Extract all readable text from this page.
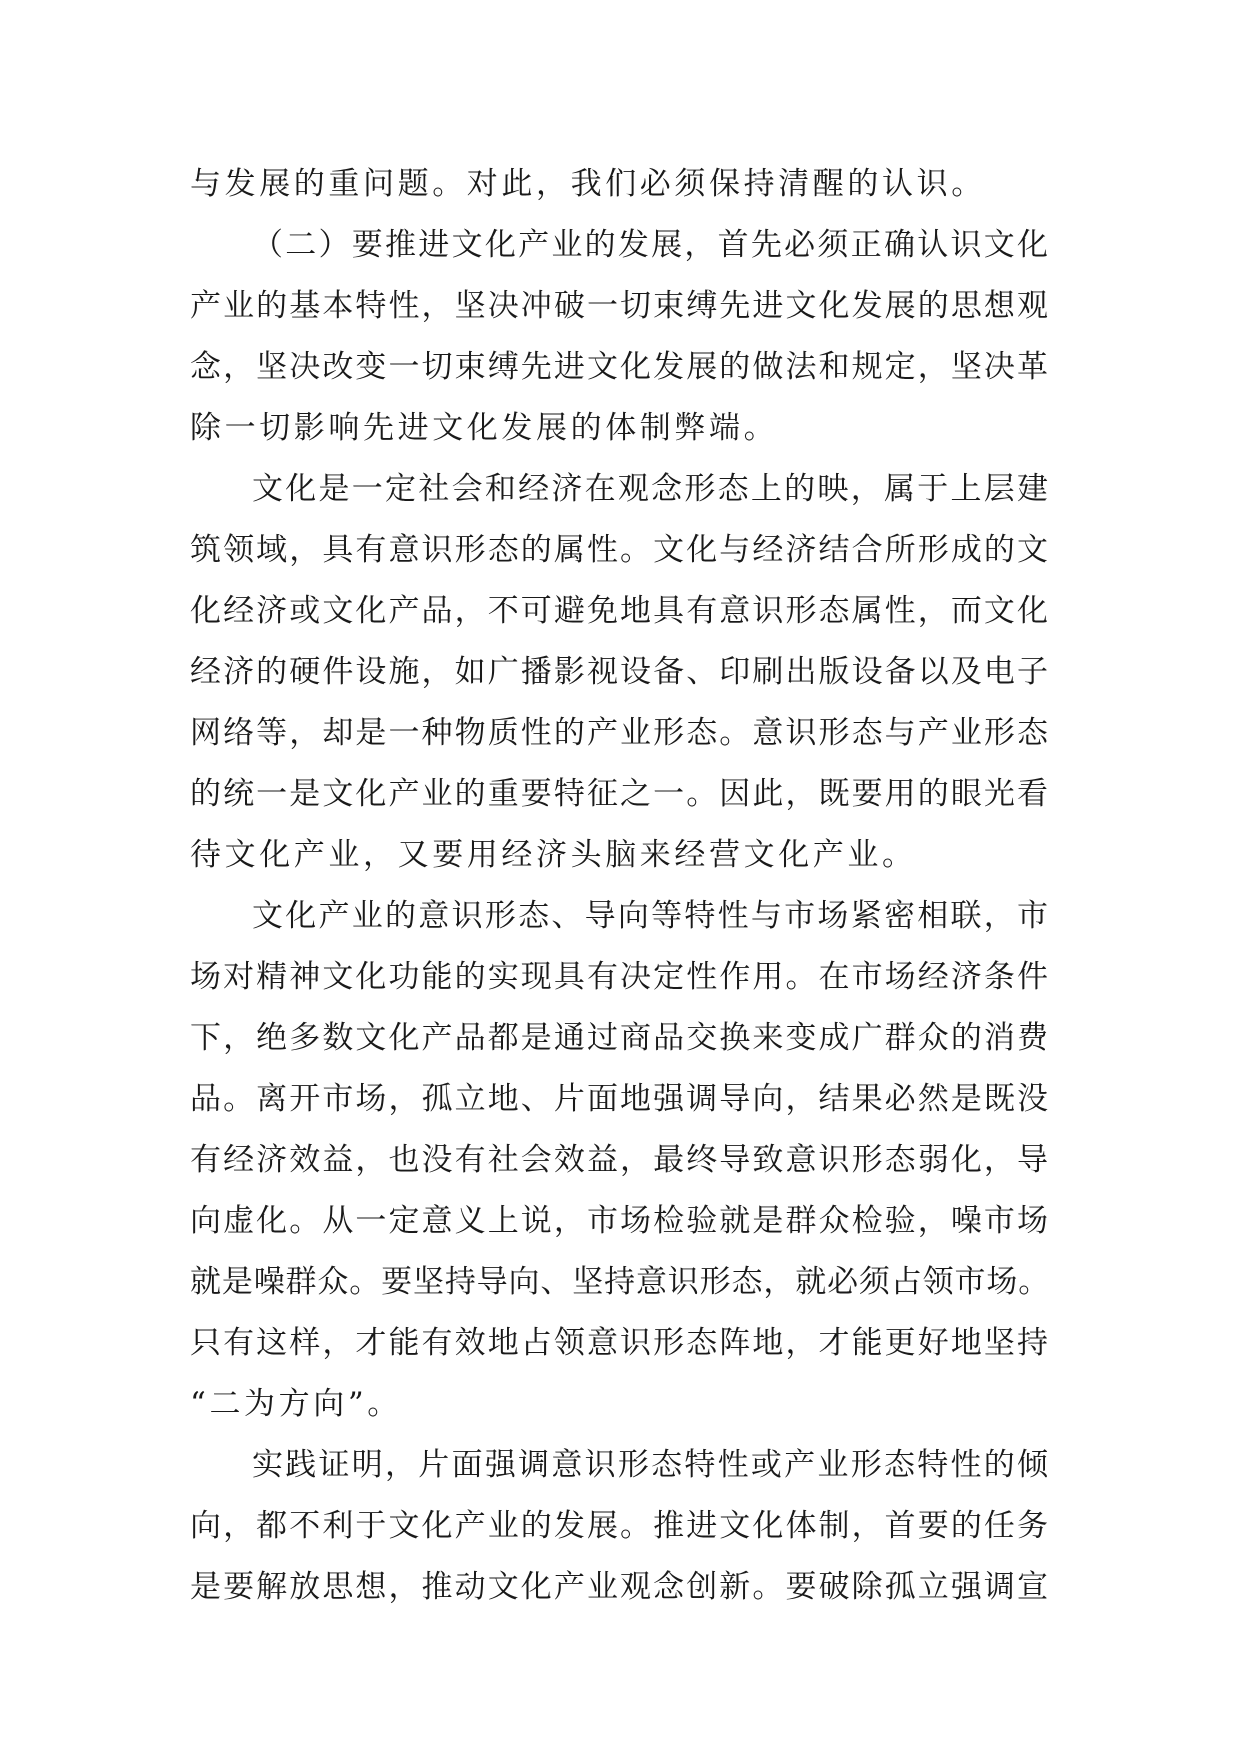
与发展的重问题。对此，我们必须保持清醒的认识。
（二）要推进文化产业的发展，首先必须正确认识文化
产业的基本特性，坚决冲破一切束缚先进文化发展的思想观
念，坚决改变一切束缚先进文化发展的做法和规定，坚决革
除一切影响先进文化发展的体制弊端。
文化是一定社会和经济在观念形态上的映，属于上层建
筑领域，具有意识形态的属性。文化与经济结合所形成的文
化经济或文化产品，不可避免地具有意识形态属性，而文化
经济的硬件设施，如广播影视设备、印刷出版设备以及电子
网络等，却是一种物质性的产业形态。意识形态与产业形态
的统一是文化产业的重要特征之一。因此，既要用的眼光看
待文化产业，又要用经济头脑来经营文化产业。
文化产业的意识形态、导向等特性与市场紧密相联，市
场对精神文化功能的实现具有决定性作用。在市场经济条件
下，绝多数文化产品都是通过商品交换来变成广群众的消费
品。离开市场，孤立地、片面地强调导向，结果必然是既没
有经济效益，也没有社会效益，最终导致意识形态弱化，导
向虚化。从一定意义上说，市场检验就是群众检验，噪市场
就是噪群众。要坚持导向、坚持意识形态，就必须占领市场。
只有这样，才能有效地占领意识形态阵地，才能更好地坚持
“二为方向”。
实践证明，片面强调意识形态特性或产业形态特性的倾
向，都不利于文化产业的发展。推进文化体制，首要的任务
是要解放思想，推动文化产业观念创新。要破除孤立强调宣
